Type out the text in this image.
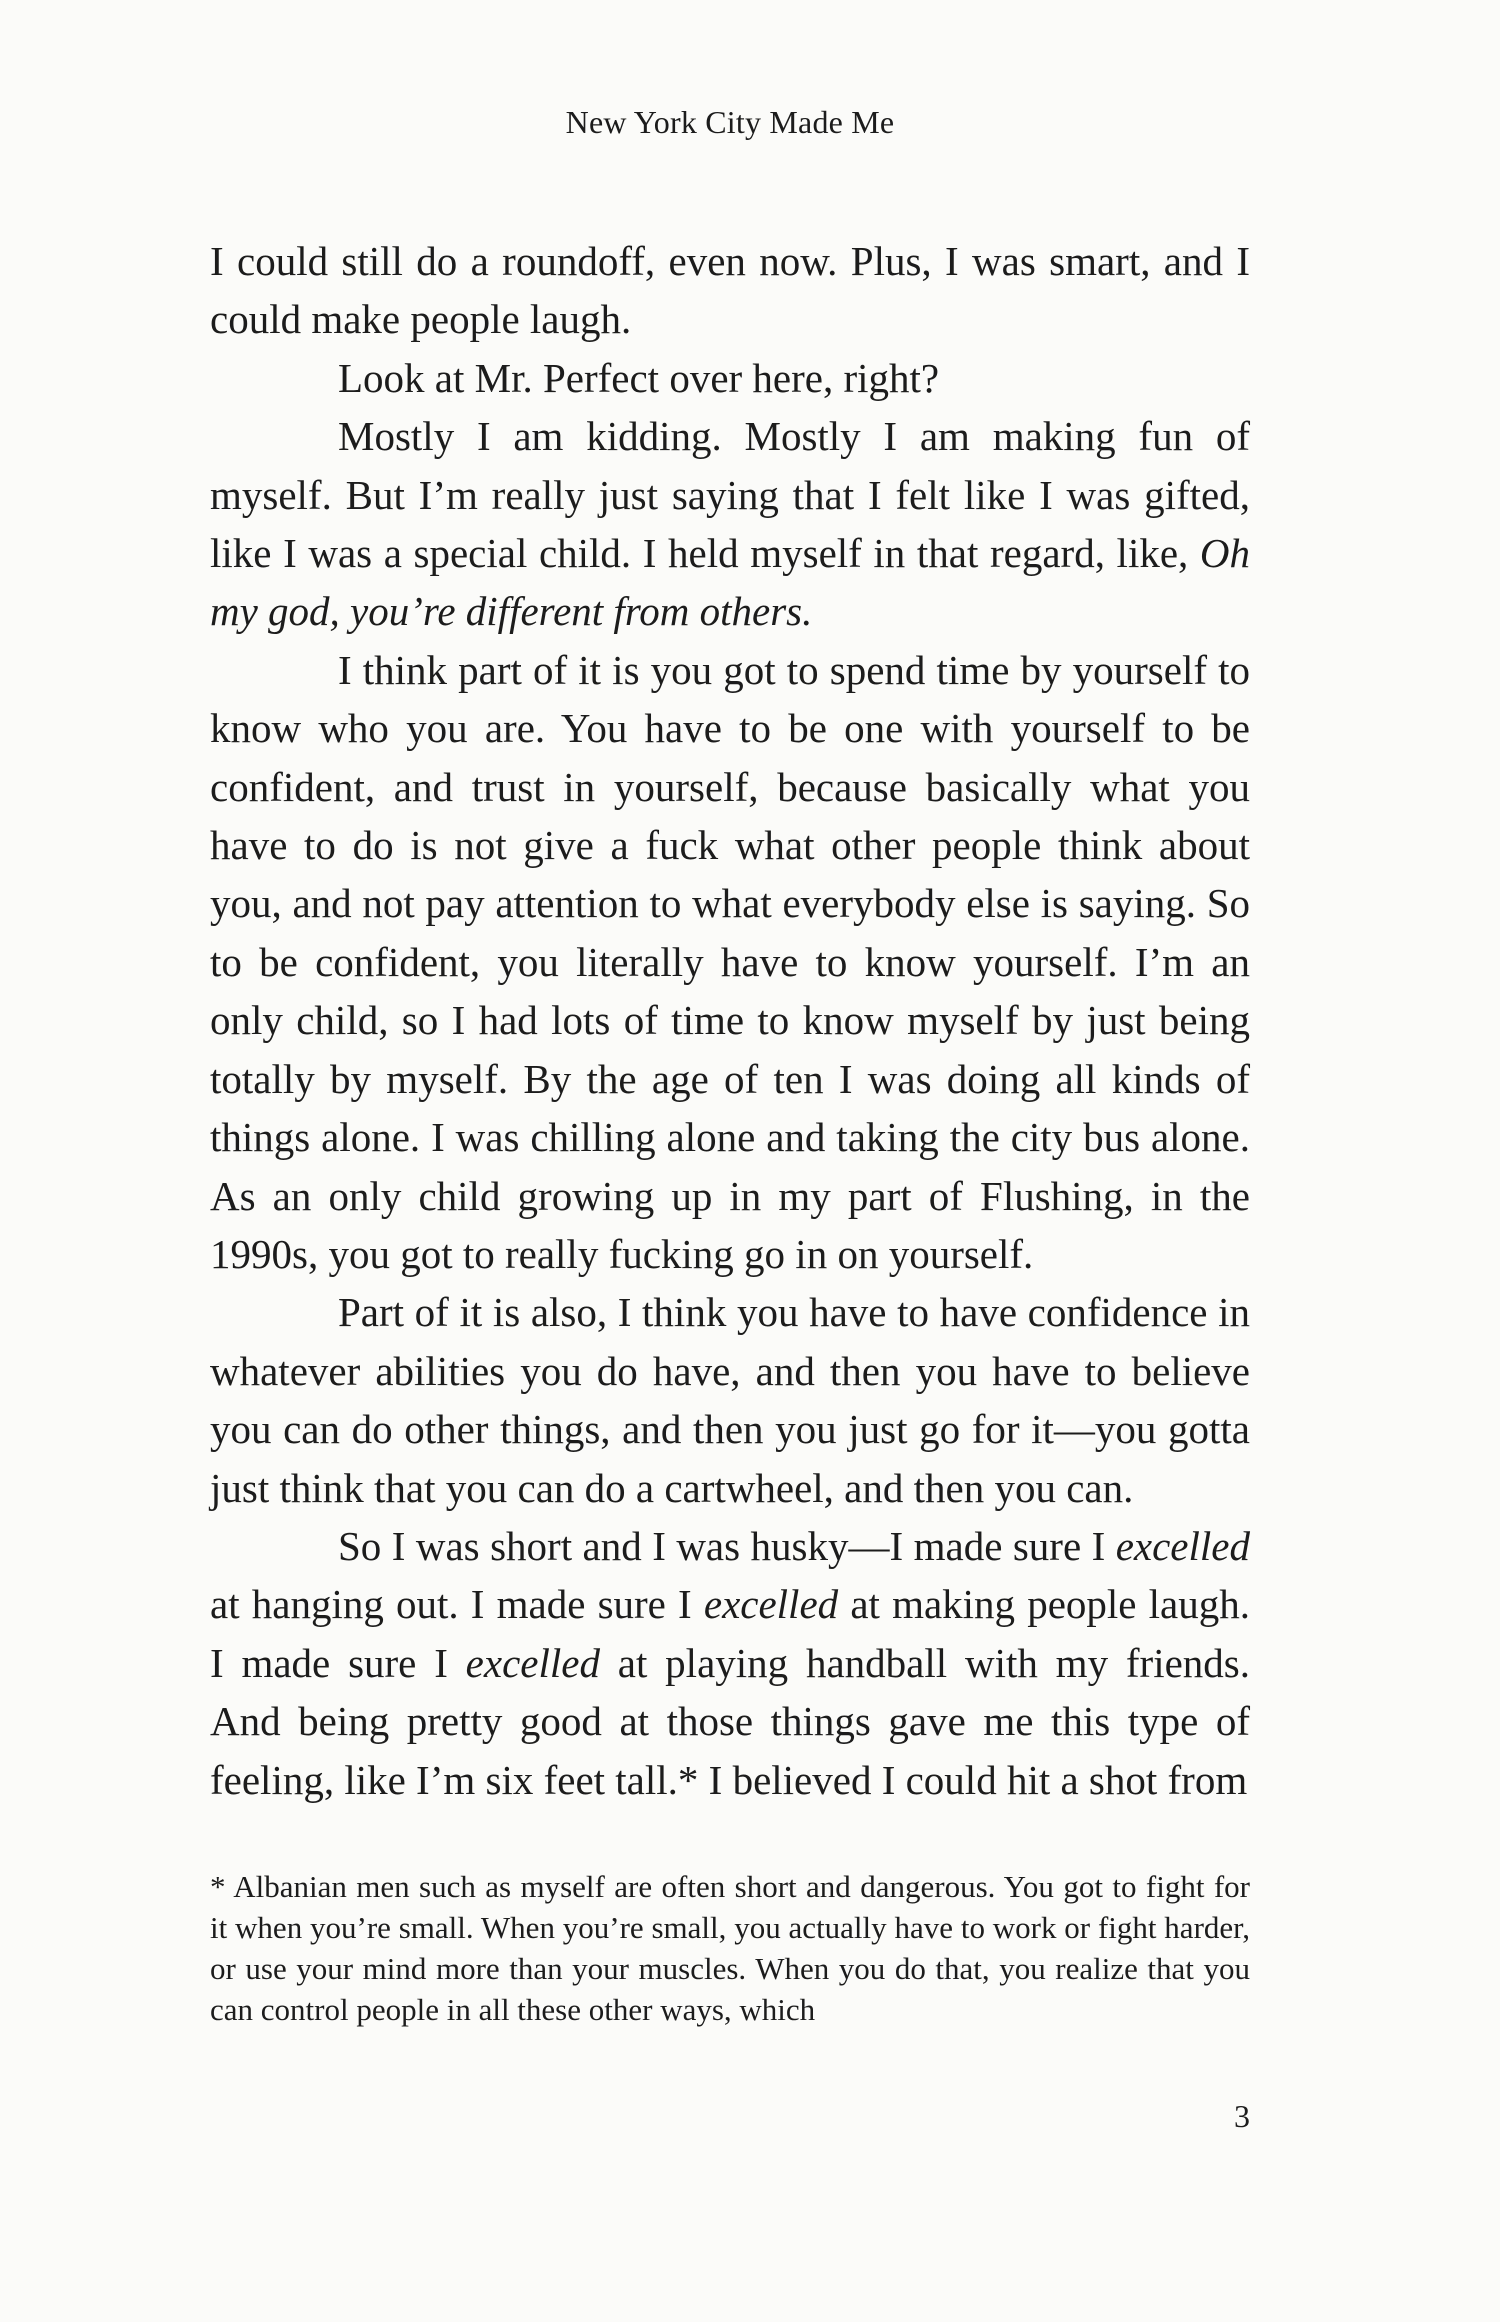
New York City Made Me

I could still do a roundoff, even now. Plus, I was smart, and I could make people laugh.

Look at Mr. Perfect over here, right?

Mostly I am kidding. Mostly I am making fun of myself. But I’m really just saying that I felt like I was gifted, like I was a special child. I held myself in that regard, like, Oh my god, you’re different from others.

I think part of it is you got to spend time by yourself to know who you are. You have to be one with yourself to be confident, and trust in yourself, because basically what you have to do is not give a fuck what other people think about you, and not pay attention to what everybody else is saying. So to be confident, you literally have to know yourself. I’m an only child, so I had lots of time to know myself by just being totally by myself. By the age of ten I was doing all kinds of things alone. I was chilling alone and taking the city bus alone. As an only child growing up in my part of Flushing, in the 1990s, you got to really fucking go in on yourself.

Part of it is also, I think you have to have confidence in whatever abilities you do have, and then you have to believe you can do other things, and then you just go for it—you gotta just think that you can do a cartwheel, and then you can.

So I was short and I was husky—I made sure I excelled at hanging out. I made sure I excelled at making people laugh. I made sure I excelled at playing handball with my friends. And being pretty good at those things gave me this type of feeling, like I’m six feet tall.* I believed I could hit a shot from

* Albanian men such as myself are often short and dangerous. You got to fight for it when you’re small. When you’re small, you actually have to work or fight harder, or use your mind more than your muscles. When you do that, you realize that you can control people in all these other ways, which

3
